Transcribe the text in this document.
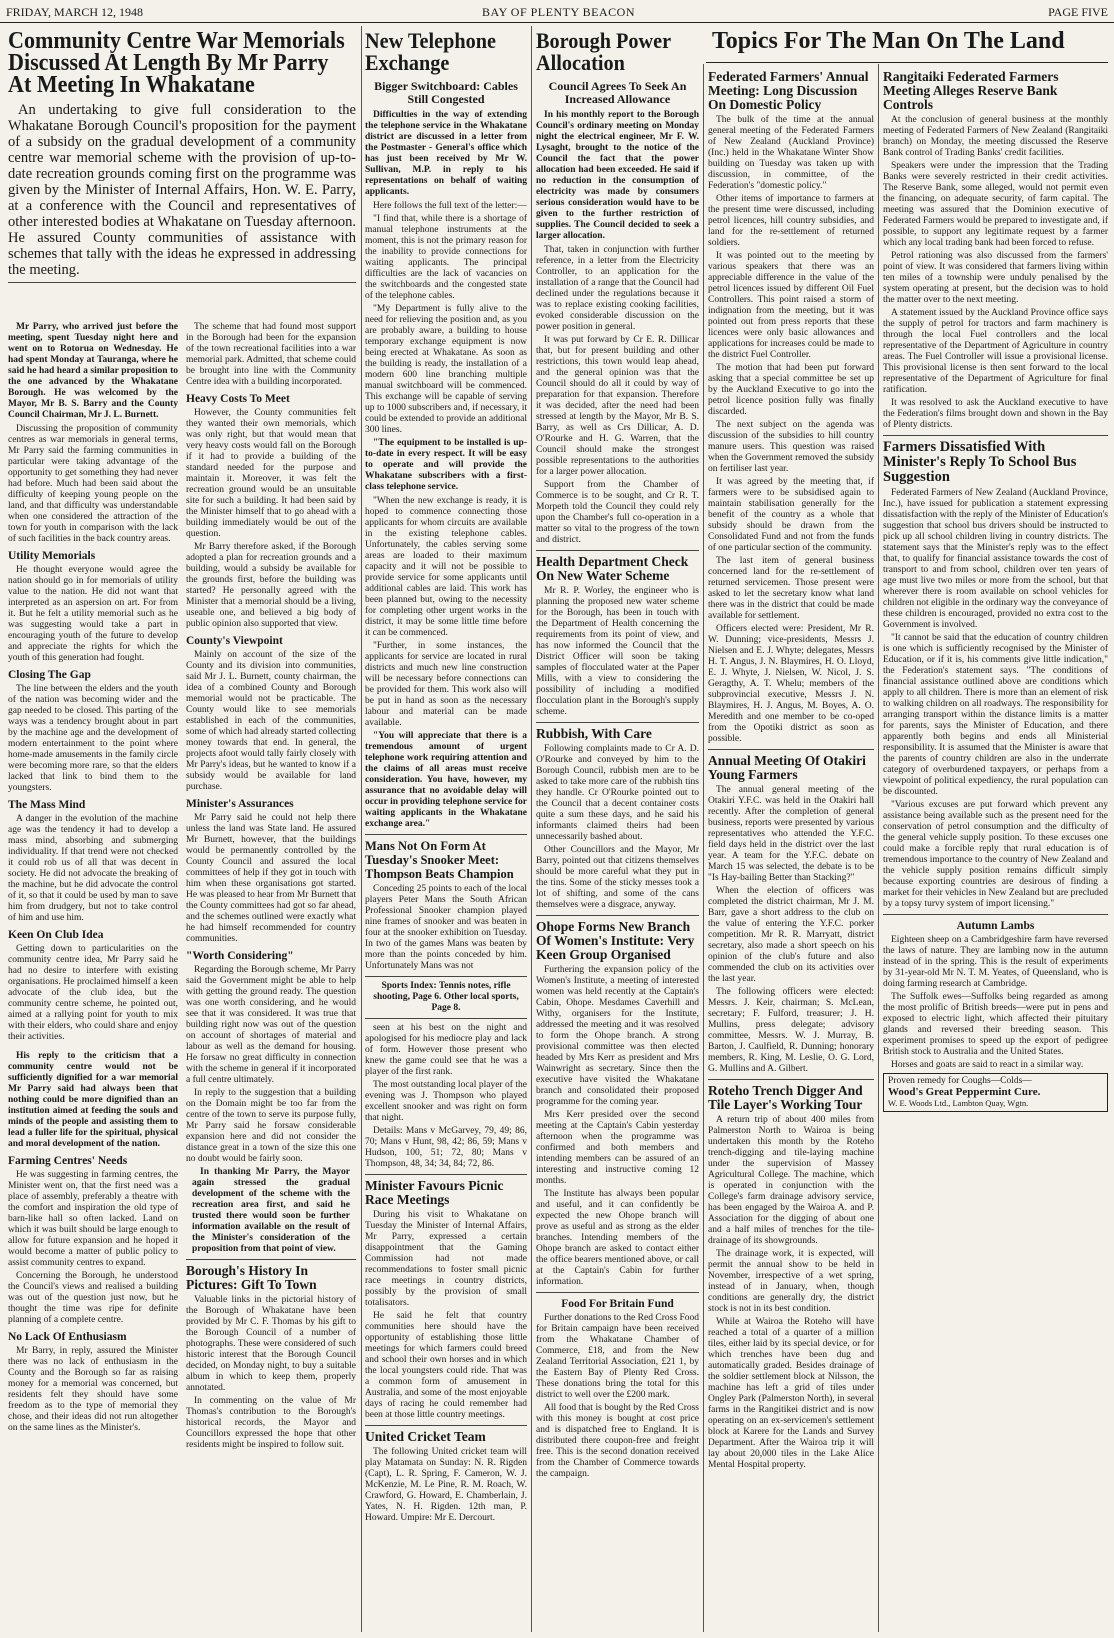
FRIDAY, MARCH 12, 1948	BAY OF PLENTY BEACON	PAGE FIVE
Community Centre War Memorials Discussed At Length By Mr Parry At Meeting In Whakatane
An undertaking to give full consideration to the Whakatane Borough Council's proposition for the payment of a subsidy on the gradual development of a community centre war memorial scheme with the provision of up-to-date recreation grounds coming first on the programme was given by the Minister of Internal Affairs, Hon. W. E. Parry, at a conference with the Council and representatives of other interested bodies at Whakatane on Tuesday afternoon. He assured County communities of assistance with schemes that tally with the ideas he expressed in addressing the meeting.

Mr Parry, who arrived just before the meeting, spent Tuesday night here and went on to Rotorua on Wednesday. He had spent Monday at Tauranga, where he said he had heard a similar proposition to the one advanced by the Whakatane Borough. He was welcomed by the Mayor, Mr B. S. Barry and the County Council Chairman, Mr J. L. Burnett.

Discussing the proposition of community centres as war memorials in general terms, Mr Parry said the farming communities in particular were taking advantage of the opportunity to get something they had never had before. Much had been said about the difficulty of keeping young people on the land, and that difficulty was understandable when one considered the attraction of the town for youth in comparison with the lack of such facilities in the back country areas.

Utility Memorials

He thought everyone would agree the nation should go in for memorials of utility value to the nation. He did not want that interpreted as an aspersion on art. For from it. But he felt a utility memorial such as he was suggesting would take a part in encouraging youth of the future to develop and appreciate the rights for which the youth of this generation had fought.

Closing The Gap

The line between the elders and the youth of the nation was becoming wider and the gap needed to be closed. This parting of the ways was a tendency brought about in part by the machine age and the development of modern entertainment to the point where home-made amusements in the family circle were becoming more rare, so that the elders lacked that link to bind them to the youngsters.

The Mass Mind

A danger in the evolution of the machine age was the tendency it had to develop a mass mind, absorbing and submerging individuality. If that trend were not checked it could rob us of all that was decent in society. He did not advocate the breaking of the machine, but he did advocate the control of it, so that it could be used by man to save him from drudgery, but not to take control of him and use him.

Keen On Club Idea

Getting down to particularities on the community centre idea, Mr Parry said he had no desire to interfere with existing organisations. He proclaimed himself a keen advocate of the club idea, but the community centre scheme, he pointed out, aimed at a rallying point for youth to mix with their elders, who could share and enjoy their activities.

His reply to the criticism that a community centre would not be sufficiently dignified for a war memorial Mr Parry said had always been that nothing could be more dignified than an institution aimed at feeding the souls and minds of the people and assisting them to lead a fuller life for the spiritual, physical and moral development of the nation.

Farming Centres' Needs

He was suggesting in farming centres, the Minister went on, that the first need was a place of assembly, preferably a theatre with the comfort and inspiration the old type of barn-like hall so often lacked. Land on which it was built should be large enough to allow for future expansion and he hoped it would become a matter of public policy to assist community centres to expand.

Concerning the Borough, he understood the Council's views and realised a building was out of the question just now, but he thought the time was ripe for definite planning of a complete centre.

No Lack Of Enthusiasm

Mr Barry, in reply, assured the Minister there was no lack of enthusiasm in the County and the Borough so far as raising money for a memorial was concerned, but residents felt they should have some freedom as to the type of memorial they chose, and their ideas did not run altogether on the same lines as the Minister's.

The scheme that had found most support in the Borough had been for the expansion of the town recreational facilities into a war memorial park. Admitted, that scheme could be brought into line with the Community Centre idea with a building incorporated.

Heavy Costs To Meet

However, the County communities felt they wanted their own memorials, which was only right, but that would mean that very heavy costs would fall on the Borough if it had to provide a building of the standard needed for the purpose and maintain it. Moreover, it was felt the recreation ground would be an unsuitable site for such a building. It had been said by the Minister himself that to go ahead with a building immediately would be out of the question.

Mr Barry therefore asked, if the Borough adopted a plan for recreation grounds and a building, would a subsidy be available for the grounds first, before the building was started? He personally agreed with the Minister that a memorial should be a living, useable one, and believed a big body of public opinion also supported that view.

County's Viewpoint

Mainly on account of the size of the County and its division into communities, said Mr J. L. Burnett, county chairman, the idea of a combined County and Borough memorial would not be practicable. The County would like to see memorials established in each of the communities, some of which had already started collecting money towards that end. In general, the projects afoot would tally fairly closely with Mr Parry's ideas, but he wanted to know if a subsidy would be available for land purchase.

Minister's Assurances

Mr Parry said he could not help there unless the land was State land. He assured Mr Burnett, however, that the buildings would be permanently controlled by the County Council and assured the local committees of help if they got in touch with him when these organisations got started. He was pleased to hear from Mr Burnett that the County committees had got so far ahead, and the schemes outlined were exactly what he had himself recommended for country communities.

"Worth Considering"

Regarding the Borough scheme, Mr Parry said the Government might be able to help with getting the ground ready. The question was one worth considering, and he would see that it was considered. It was true that building right now was out of the question on account of shortages of material and labour as well as the demand for housing. He forsaw no great difficulty in connection with the scheme in general if it incorporated a full centre ultimately.

In reply to the suggestion that a building on the Domain might be too far from the centre of the town to serve its purpose fully, Mr Parry said he forsaw considerable expansion here and did not consider the distance great in a town of the size this one no doubt would be fairly soon.

In thanking Mr Parry, the Mayor again stressed the gradual development of the scheme with the recreation area first, and said he trusted there would soon be further information available on the result of the Minister's consideration of the proposition from that point of view.

Borough's History In Pictures: Gift To Town

Valuable links in the pictorial history of the Borough of Whakatane have been provided by Mr C. F. Thomas by his gift to the Borough Council of a number of photographs. These were considered of such historic interest that the Borough Council decided, on Monday night, to buy a suitable album in which to keep them, properly annotated.

In commenting on the value of Mr Thomas's contribution to the Borough's historical records, the Mayor and Councillors expressed the hope that other residents might be inspired to follow suit.

New Telephone Exchange
Bigger Switchboard: Cables Still Congested

Difficulties in the way of extending the telephone service in the Whakatane district are discussed in a letter from the Postmaster - General's office which has just been received by Mr W. Sullivan, M.P. in reply to his representations on behalf of waiting applicants.

Here follows the full text of the letter:—

"I find that, while there is a shortage of manual telephone instruments at the moment, this is not the primary reason for the inability to provide connections for waiting applicants. The principal difficulties are the lack of vacancies on the switchboards and the congested state of the telephone cables.

"My Department is fully alive to the need for relieving the position and, as you are probably aware, a building to house temporary exchange equipment is now being erected at Whakatane. As soon as the building is ready, the installation of a modern 600 line branching multiple manual switchboard will be commenced. This exchange will be capable of serving up to 1000 subscribers and, if necessary, it could be extended to provide an additional 300 lines.

"The equipment to be installed is up-to-date in every respect. It will be easy to operate and will provide the Whakatane subscribers with a first-class telephone service.

"When the new exchange is ready, it is hoped to commence connecting those applicants for whom circuits are available in the existing telephone cables. Unfortunately, the cables serving some areas are loaded to their maximum capacity and it will not be possible to provide service for some applicants until additional cables are laid. This work has been planned but, owing to the necessity for completing other urgent works in the district, it may be some little time before it can be commenced.

"Further, in some instances, the applicants for service are located in rural districts and much new line construction will be necessary before connections can be provided for them. This work also will be put in hand as soon as the necessary labour and material can be made available.

"You will appreciate that there is a tremendous amount of urgent telephone work requiring attention and the claims of all areas must receive consideration. You have, however, my assurance that no avoidable delay will occur in providing telephone service for waiting applicants in the Whakatane exchange area."

Mans Not On Form At Tuesday's Snooker Meet: Thompson Beats Champion

Conceding 25 points to each of the local players Peter Mans the South African Professional Snooker champion played nine frames of snooker and was beaten in four at the snooker exhibition on Tuesday. In two of the games Mans was beaten by more than the points conceded by him. Unfortunately Mans was not

Sports Index: Tennis notes, rifle shooting, Page 6. Other local sports, Page 8.

seen at his best on the night and apologised for his mediocre play and lack of form. However those present who knew the game could see that he was a player of the first rank.

The most outstanding local player of the evening was J. Thompson who played excellent snooker and was right on form that night.

Details: Mans v McGarvey, 79, 49; 86, 70; Mans v Hunt, 98, 42; 86, 59; Mans v Hudson, 100, 51; 72, 80; Mans v Thompson, 48, 34; 34, 84; 72, 86.

Minister Favours Picnic Race Meetings

During his visit to Whakatane on Tuesday the Minister of Internal Affairs, Mr Parry, expressed a certain disappointment that the Gaming Commission had not made recommendations to foster small picnic race meetings in country districts, possibly by the provision of small totalisators.

He said he felt that country communities here should have the opportunity of establishing those little meetings for which farmers could breed and school their own horses and in which the local youngsters could ride. That was a common form of amusement in Australia, and some of the most enjoyable days of racing he could remember had been at those little country meetings.

United Cricket Team

The following United cricket team will play Matamata on Sunday: N. R. Rigden (Capt), L. R. Spring, F. Cameron, W. J. McKenzie, M. Le Pine, R. M. Roach, W. Crawford, G. Howard, E. Chamberlain, J. Yates, N. H. Rigden. 12th man, P. Howard. Umpire: Mr E. Dercourt.

Borough Power Allocation
Council Agrees To Seek An Increased Allowance

In his monthly report to the Borough Council's ordinary meeting on Monday night the electrical engineer, Mr F. W. Lysaght, brought to the notice of the Council the fact that the power allocation had been exceeded. He said if no reduction in the consumption of electricity was made by consumers serious consideration would have to be given to the further restriction of supplies. The Council decided to seek a larger allocation.

That, taken in conjunction with further reference, in a letter from the Electricity Controller, to an application for the installation of a range that the Council had declined under the regulations because it was to replace existing cooking facilities, evoked considerable discussion on the power position in general.

It was put forward by Cr E. R. Dillicar that, but for present building and other restrictions, this town would leap ahead, and the general opinion was that the Council should do all it could by way of preparation for that expansion. Therefore it was decided, after the need had been stressed at length by the Mayor, Mr B. S. Barry, as well as Crs Dillicar, A. D. O'Rourke and H. G. Warren, that the Council should make the strongest possible representations to the authorities for a larger power allocation.

Support from the Chamber of Commerce is to be sought, and Cr R. T. Morpeth told the Council they could rely upon the Chamber's full co-operation in a matter so vital to the progress of the town and district.

Health Department Check On New Water Scheme

Mr R. P. Worley, the engineer who is planning the proposed new water scheme for the Borough, has been in touch with the Department of Health concerning the requirements from its point of view, and has now informed the Council that the District Officer will soon be taking samples of flocculated water at the Paper Mills, with a view to considering the possibility of including a modified flocculation plant in the Borough's supply scheme.

Rubbish, With Care

Following complaints made to Cr A. D. O'Rourke and conveyed by him to the Borough Council, rubbish men are to be asked to take more care of the rubbish tins they handle. Cr O'Rourke pointed out to the Council that a decent container costs quite a sum these days, and he said his informants claimed theirs had been unnecessarily bashed about.

Other Councillors and the Mayor, Mr Barry, pointed out that citizens themselves should be more careful what they put in the tins. Some of the sticky messes took a lot of shifting, and some of the cans themselves were a disgrace, anyway.

Ohope Forms New Branch Of Women's Institute: Very Keen Group Organised

Furthering the expansion policy of the Women's Institute, a meeting of interested women was held recently at the Captain's Cabin, Ohope. Mesdames Caverhill and Withy, organisers for the Institute, addressed the meeting and it was resolved to form the Ohope branch. A strong provisional committee was then elected headed by Mrs Kerr as president and Mrs Wainwright as secretary. Since then the executive have visited the Whakatane branch and consolidated their proposed programme for the coming year.

Mrs Kerr presided over the second meeting at the Captain's Cabin yesterday afternoon when the programme was confirmed and both members and intending members can be assured of an interesting and instructive coming 12 months.

The Institute has always been popular and useful, and it can confidently be expected the new Ohope branch will prove as useful and as strong as the elder branches. Intending members of the Ohope branch are asked to contact either the office bearers mentioned above, or call at the Captain's Cabin for further information.

Food For Britain Fund

Further donations to the Red Cross Food for Britain campaign have been received from the Whakatane Chamber of Commerce, £18, and from the New Zealand Territorial Association, £21 1, by the Eastern Bay of Plenty Red Cross. These donations bring the total for this district to well over the £200 mark.

All food that is bought by the Red Cross with this money is bought at cost price and is dispatched free to England. It is distributed there coupon-free and freight free. This is the second donation received from the Chamber of Commerce towards the campaign.

Topics For The Man On The Land
Federated Farmers' Annual Meeting: Long Discussion On Domestic Policy

The bulk of the time at the annual general meeting of the Federated Farmers of New Zealand (Auckland Province) (Inc.) held in the Whakatane Winter Show building on Tuesday was taken up with discussion, in committee, of the Federation's "domestic policy."

Other items of importance to farmers at the present time were discussed, including petrol licences, hill country subsidies, and land for the re-settlement of returned soldiers.

It was pointed out to the meeting by various speakers that there was an appreciable difference in the value of the petrol licences issued by different Oil Fuel Controllers. This point raised a storm of indignation from the meeting, but it was pointed out from press reports that these licences were only basic allowances and applications for increases could be made to the district Fuel Controller.

The motion that had been put forward asking that a special committee be set up by the Auckland Executive to go into the petrol licence position fully was finally discarded.

The next subject on the agenda was discussion of the subsidies to hill country manure users. This question was raised when the Government removed the subsidy on fertiliser last year.

It was agreed by the meeting that, if farmers were to be subsidised again to maintain stabilisation generally for the benefit of the country as a whole that subsidy should be drawn from the Consolidated Fund and not from the funds of one particular section of the community.

The last item of general business concerned land for the re-settlement of returned servicemen. Those present were asked to let the secretary know what land there was in the district that could be made available for settlement.

Officers elected were: President, Mr R. W. Dunning; vice-presidents, Messrs J. Nielsen and E. J. Whyte; delegates, Messrs H. T. Angus, J. N. Blaymires, H. O. Lloyd, E. J. Whyte, J. Nielsen, W. Nicol, J. S. Geragthy, A. T. Whelu; members of the subprovincial executive, Messrs J. N. Blaymires, H. J. Angus, M. Boyes, A. O. Meredith and one member to be co-oped from the Opotiki district as soon as possible.

Annual Meeting Of Otakiri Young Farmers

The annual general meeting of the Otakiri Y.F.C. was held in the Otakiri hall recently. After the completion of general business, reports were presented by various representatives who attended the Y.F.C. field days held in the district over the last year. A team for the Y.F.C. debate on March 15 was selected, the debate is to be "Is Hay-bailing Better than Stacking?"

When the election of officers was completed the district chairman, Mr J. M. Barr, gave a short address to the club on the value of entering the Y.F.C. porker competition. Mr R. R. Marryatt, district secretary, also made a short speech on his opinion of the club's future and also commended the club on its activities over the last year.

The following officers were elected: Messrs. J. Keir, chairman; S. McLean, secretary; F. Fulford, treasurer; J. H. Mullins, press delegate; advisory committee, Messrs. W. J. Murray, B. Barton, J. Caulfield, R. Dunning; honorary members, R. King, M. Leslie, O. G. Lord, G. Mullins and A. Gilbert.

Roteho Trench Digger And Tile Layer's Working Tour

A return trip of about 400 miles from Palmerston North to Wairoa is being undertaken this month by the Roteho trench-digging and tile-laying machine under the supervision of Massey Agricultural College. The machine, which is operated in conjunction with the College's farm drainage advisory service, has been engaged by the Wairoa A. and P. Association for the digging of about one and a half miles of trenches for the tile-drainage of its showgrounds.

The drainage work, it is expected, will permit the annual show to be held in November, irrespective of a wet spring, instead of in January, when, though conditions are generally dry, the district stock is not in its best condition.

While at Wairoa the Roteho will have reached a total of a quarter of a million tiles, either laid by its special device, or for which trenches have been dug and automatically graded. Besides drainage of the soldier settlement block at Nilsson, the machine has left a grid of tiles under Ongley Park (Palmerston North), in several farms in the Rangitikei district and is now operating on an ex-servicemen's settlement block at Karere for the Lands and Survey Department. After the Wairoa trip it will lay about 20,000 tiles in the Lake Alice Mental Hospital property.

Rangitaiki Federated Farmers Meeting Alleges Reserve Bank Controls

At the conclusion of general business at the monthly meeting of Federated Farmers of New Zealand (Rangitaiki branch) on Monday, the meeting discussed the Reserve Bank control of Trading Banks' credit facilities.

Speakers were under the impression that the Trading Banks were severely restricted in their credit activities. The Reserve Bank, some alleged, would not permit even the financing, on adequate security, of farm capital. The meeting was assured that the Dominion executive of Federated Farmers would be prepared to investigate and, if possible, to support any legitimate request by a farmer which any local trading bank had been forced to refuse.

Petrol rationing was also discussed from the farmers' point of view. It was considered that farmers living within ten miles of a township were unduly penalised by the system operating at present, but the decision was to hold the matter over to the next meeting.

A statement issued by the Auckland Province office says the supply of petrol for tractors and farm machinery is through the local Fuel controllers and the local representative of the Department of Agriculture in country areas. The Fuel Controller will issue a provisional license. This provisional license is then sent forward to the local representative of the Department of Agriculture for final ratification.

It was resolved to ask the Auckland executive to have the Federation's films brought down and shown in the Bay of Plenty districts.

Farmers Dissatisfied With Minister's Reply To School Bus Suggestion

Federated Farmers of New Zealand (Auckland Province, Inc.), have issued for publication a statement expressing dissatisfaction with the reply of the Minister of Education's suggestion that school bus drivers should be instructed to pick up all school children living in country districts. The statement says that the Minister's reply was to the effect that, to qualify for financial assistance towards the cost of transport to and from school, children over ten years of age must live two miles or more from the school, but that wherever there is room available on school vehicles for children not eligible in the ordinary way the conveyance of these children is encouraged, provided no extra cost to the Government is involved.

"It cannot be said that the education of country children is one which is sufficiently recognised by the Minister of Education, or if it is, his comments give little indication," the Federation's statement says. "The conditions of financial assistance outlined above are conditions which apply to all children. There is more than an element of risk to walking children on all roadways. The responsibility for arranging transport within the distance limits is a matter for parents, says the Minister of Education, and there apparently both begins and ends all Ministerial responsibility. It is assumed that the Minister is aware that the parents of country children are also in the underrate category of overburdened taxpayers, or perhaps from a viewpoint of political expediency, the rural population can be discounted.

"Various excuses are put forward which prevent any assistance being available such as the present need for the conservation of petrol consumption and the difficulty of the general vehicle supply position. To these excuses one could make a forcible reply that rural education is of tremendous importance to the country of New Zealand and the vehicle supply position remains difficult simply because exporting countries are desirous of finding a market for their vehicles in New Zealand but are precluded by a topsy turvy system of import licensing."

Autumn Lambs

Eighteen sheep on a Cambridgeshire farm have reversed the laws of nature. They are lambing now in the autumn instead of in the spring. This is the result of experiments by 31-year-old Mr N. T. M. Yeates, of Queensland, who is doing farming research at Cambridge.

The Suffolk ewes—Suffolks being regarded as among the most prolific of British breeds—were put in pens and exposed to electric light, which affected their pituitary glands and reversed their breeding season. This experiment promises to speed up the export of pedigree British stock to Australia and the United States.

Horses and goats are said to react in a similar way.

Proven remedy for Coughs—Colds—
Wood's Great Peppermint Cure.
W. E. Woods Ltd., Lambton Quay, Wgtn.
